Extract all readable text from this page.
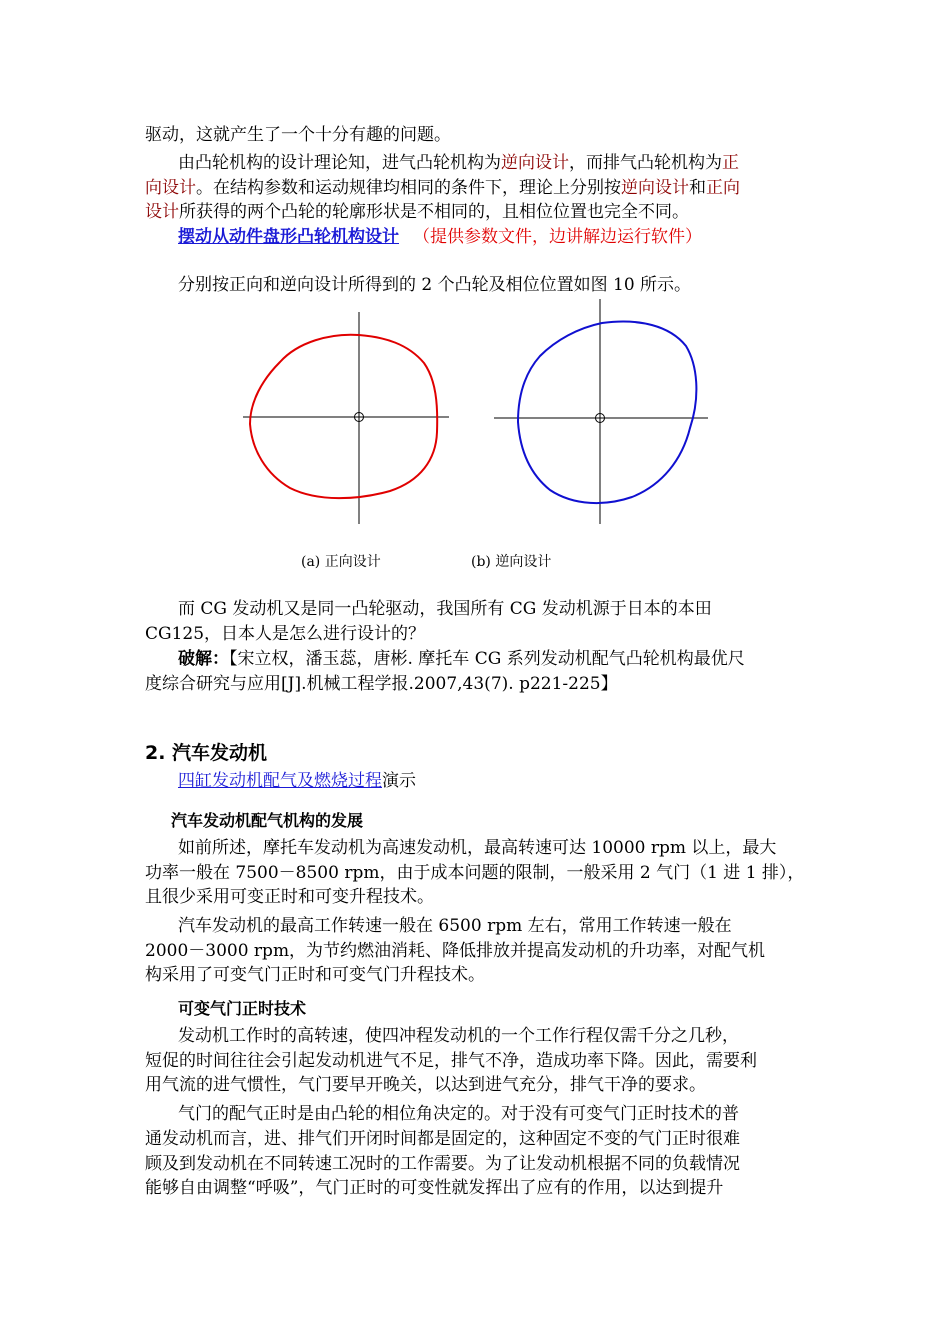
驱动，这就产生了一个十分有趣的问题。
由凸轮机构的设计理论知，进气凸轮机构为逆向设计，而排气凸轮机构为正
向设计。在结构参数和运动规律均相同的条件下，理论上分别按逆向设计和正向
设计所获得的两个凸轮的轮廓形状是不相同的，且相位位置也完全不同。
摆动从动件盘形凸轮机构设计 （提供参数文件，边讲解边运行软件）
分别按正向和逆向设计所得到的 2 个凸轮及相位位置如图 10 所示。
而 CG 发动机又是同一凸轮驱动，我国所有 CG 发动机源于日本的本田
CG125，日本人是怎么进行设计的？
破解：【宋立权，潘玉蕊，唐彬. 摩托车 CG 系列发动机配气凸轮机构最优尺
度综合研究与应用[J].机械工程学报.2007,43(7). p221-225】
2. 汽车发动机
四缸发动机配气及燃烧过程演示
汽车发动机配气机构的发展
如前所述，摩托车发动机为高速发动机，最高转速可达 10000 rpm 以上，最大
功率一般在 7500－8500 rpm，由于成本问题的限制，一般采用 2 气门（1 进 1 排），
且很少采用可变正时和可变升程技术。
汽车发动机的最高工作转速一般在 6500 rpm 左右，常用工作转速一般在
2000－3000 rpm，为节约燃油消耗、降低排放并提高发动机的升功率，对配气机
构采用了可变气门正时和可变气门升程技术。
可变气门正时技术
发动机工作时的高转速，使四冲程发动机的一个工作行程仅需千分之几秒，
短促的时间往往会引起发动机进气不足，排气不净，造成功率下降。因此，需要利
用气流的进气惯性，气门要早开晚关，以达到进气充分，排气干净的要求。
气门的配气正时是由凸轮的相位角决定的。对于没有可变气门正时技术的普
通发动机而言，进、排气们开闭时间都是固定的，这种固定不变的气门正时很难
顾及到发动机在不同转速工况时的工作需要。为了让发动机根据不同的负载情况
能够自由调整“呼吸”，气门正时的可变性就发挥出了应有的作用，以达到提升
(a) 正向设计	(b) 逆向设计
